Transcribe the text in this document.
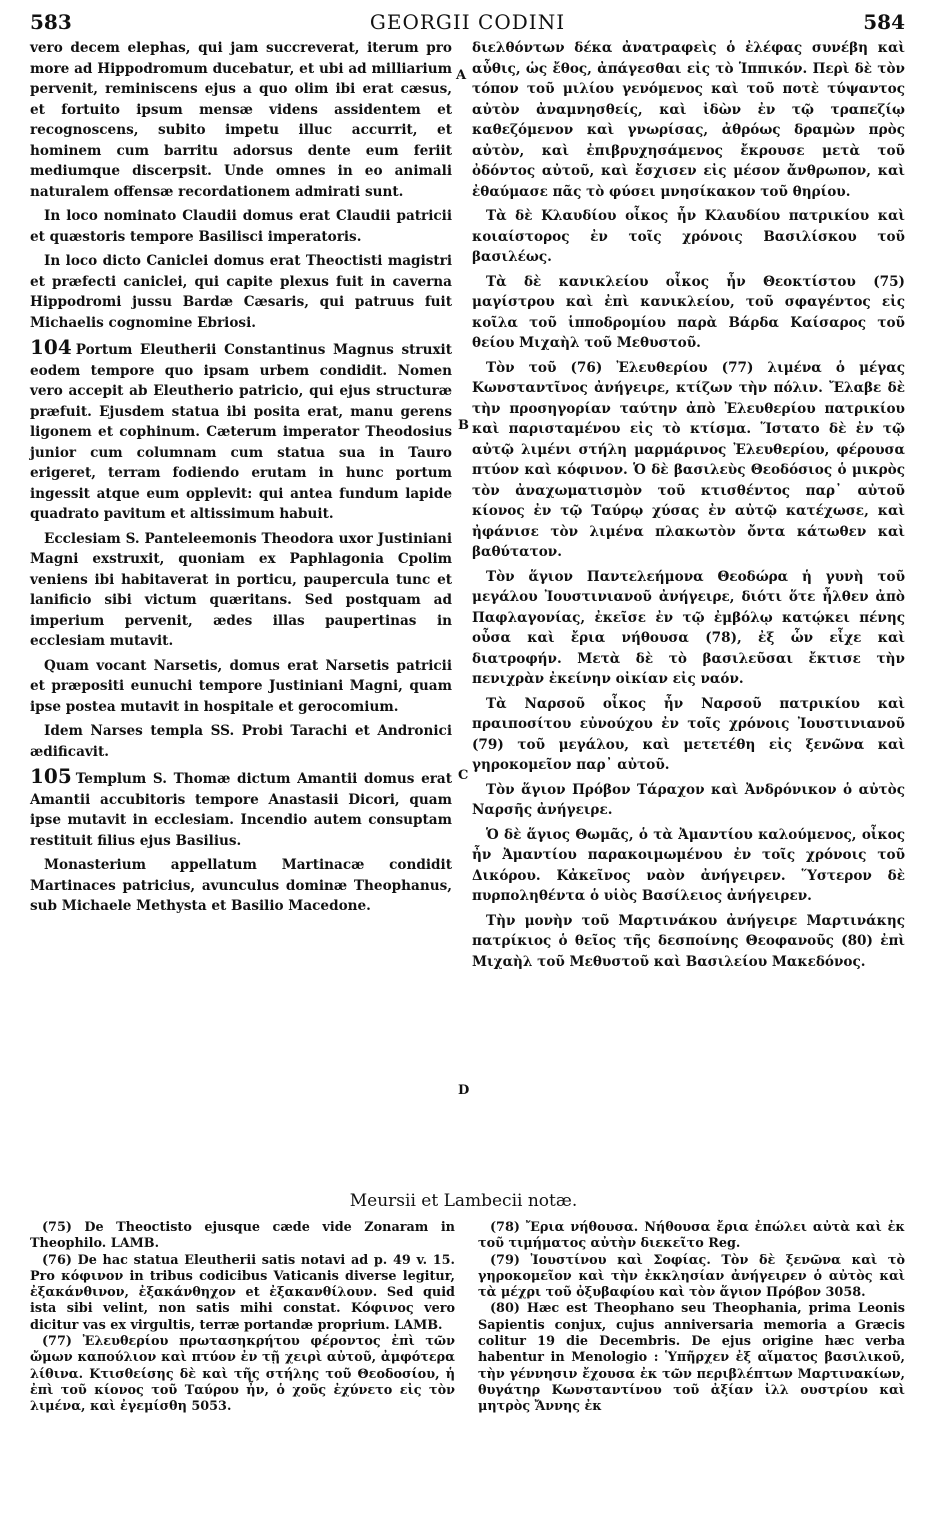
583	GEORGII CODINI	584

vero decem elephas, qui jam succreverat, iterum pro more ad Hippodromum ducebatur, et ubi ad milliarium pervenit, reminiscens ejus a quo olim ibi erat cæsus, et fortuito ipsum mensæ videns assidentem et recognoscens, subito impetu illuc accurrit, et hominem cum barritu adorsus dente eum feriit mediumque discerpsit. Unde omnes in eo animali naturalem offensæ recordationem admirati sunt.

In loco nominato Claudii domus erat Claudii patricii et quæstoris tempore Basilisci imperatoris.

In loco dicto Caniclei domus erat Theoctisti magistri et præfecti caniclei, qui capite plexus fuit in caverna Hippodromi jussu Bardæ Cæsaris, qui patruus fuit Michaelis cognomine Ebriosi.

104 Portum Eleutherii Constantinus Magnus struxit eodem tempore quo ipsam urbem condidit. Nomen vero accepit ab Eleutherio patricio, qui ejus structuræ præfuit. Ejusdem statua ibi posita erat, manu gerens ligonem et cophinum. Cæterum imperator Theodosius junior cum columnam cum statua sua in Tauro erigeret, terram fodiendo erutam in hunc portum ingessit atque eum opplevit: qui antea fundum lapide quadrato pavitum et altissimum habuit.

Ecclesiam S. Panteleemonis Theodora uxor Justiniani Magni exstruxit, quoniam ex Paphlagonia Cpolim veniens ibi habitaverat in porticu, paupercula tunc et lanificio sibi victum quæritans. Sed postquam ad imperium pervenit, ædes illas paupertinas in ecclesiam mutavit.

Quam vocant Narsetis, domus erat Narsetis patricii et præpositi eunuchi tempore Justiniani Magni, quam ipse postea mutavit in hospitale et gerocomium.

Idem Narses templa SS. Probi Tarachi et Andronici ædificavit.

105 Templum S. Thomæ dictum Amantii domus erat Amantii accubitoris tempore Anastasii Dicori, quam ipse mutavit in ecclesiam. Incendio autem consuptam restituit filius ejus Basilius.

Monasterium appellatum Martinacæ condidit Martinaces patricius, avunculus dominæ Theophanus, sub Michaele Methysta et Basilio Macedone.

A
B
C
D

διελθόντων δέκα ἀνατραφεὶς ὁ ἐλέφας συνέβη καὶ αὖθις, ὡς ἔθος, ἀπάγεσθαι εἰς τὸ Ἱππικόν. Περὶ δὲ τὸν τόπον τοῦ μιλίου γενόμενος καὶ τοῦ ποτὲ τύψαντος αὐτὸν ἀναμνησθείς, καὶ ἰδὼν ἐν τῷ τραπεζίῳ καθεζόμενον καὶ γνωρίσας, ἀθρόως δραμὼν πρὸς αὐτὸν, καὶ ἐπιβρυχησάμενος ἔκρουσε μετὰ τοῦ ὀδόντος αὐτοῦ, καὶ ἔσχισεν εἰς μέσον ἄνθρωπον, καὶ ἐθαύμασε πᾶς τὸ φύσει μνησίκακον τοῦ θηρίου.

Τὰ δὲ Κλαυδίου οἶκος ἦν Κλαυδίου πατρικίου καὶ κοιαίστορος ἐν τοῖς χρόνοις Βασιλίσκου τοῦ βασιλέως.

Τὰ δὲ κανικλείου οἶκος ἦν Θεοκτίστου (75) μαγίστρου καὶ ἐπὶ κανικλείου, τοῦ σφαγέντος εἰς κοῖλα τοῦ ἱπποδρομίου παρὰ Βάρδα Καίσαρος τοῦ θείου Μιχαὴλ τοῦ Μεθυστοῦ.

Τὸν τοῦ (76) Ἐλευθερίου (77) λιμένα ὁ μέγας Κωνσταντῖνος ἀνήγειρε, κτίζων τὴν πόλιν. Ἔλαβε δὲ τὴν προσηγορίαν ταύτην ἀπὸ Ἐλευθερίου πατρικίου καὶ παρισταμένου εἰς τὸ κτίσμα. Ἵστατο δὲ ἐν τῷ αὐτῷ λιμένι στήλη μαρμάρινος Ἐλευθερίου, φέρουσα πτύον καὶ κόφινον. Ὁ δὲ βασιλεὺς Θεοδόσιος ὁ μικρὸς τὸν ἀναχωματισμὸν τοῦ κτισθέντος παρ᾽ αὐτοῦ κίονος ἐν τῷ Ταύρῳ χύσας ἐν αὐτῷ κατέχωσε, καὶ ἠφάνισε τὸν λιμένα πλακωτὸν ὄντα κάτωθεν καὶ βαθύτατον.

Τὸν ἅγιον Παντελεήμονα Θεοδώρα ἡ γυνὴ τοῦ μεγάλου Ἰουστινιανοῦ ἀνήγειρε, διότι ὅτε ἦλθεν ἀπὸ Παφλαγονίας, ἐκεῖσε ἐν τῷ ἐμβόλῳ κατῴκει πένης οὖσα καὶ ἔρια νήθουσα (78), ἐξ ὧν εἶχε καὶ διατροφήν. Μετὰ δὲ τὸ βασιλεῦσαι ἔκτισε τὴν πενιχρὰν ἐκείνην οἰκίαν εἰς ναόν.

Τὰ Ναρσοῦ οἶκος ἦν Ναρσοῦ πατρικίου καὶ πραιποσίτου εὐνούχου ἐν τοῖς χρόνοις Ἰουστινιανοῦ (79) τοῦ μεγάλου, καὶ μετετέθη εἰς ξενῶνα καὶ γηροκομεῖον παρ᾽ αὐτοῦ.

Τὸν ἅγιον Πρόβον Τάραχον καὶ Ἀνδρόνικον ὁ αὐτὸς Ναρσῆς ἀνήγειρε.

Ὁ δὲ ἅγιος Θωμᾶς, ὁ τὰ Ἀμαντίου καλούμενος, οἶκος ἦν Ἀμαντίου παρακοιμωμένου ἐν τοῖς χρόνοις τοῦ Δικόρου. Κἀκεῖνος ναὸν ἀνήγειρεν. Ὕστερον δὲ πυρποληθέντα ὁ υἱὸς Βασίλειος ἀνήγειρεν.

Τὴν μονὴν τοῦ Μαρτινάκου ἀνήγειρε Μαρτινάκης πατρίκιος ὁ θεῖος τῆς δεσποίνης Θεοφανοῦς (80) ἐπὶ Μιχαὴλ τοῦ Μεθυστοῦ καὶ Βασιλείου Μακεδόνος.

Meursii et Lambecii notæ.

(75) De Theoctisto ejusque cæde vide Zonaram in Theophilo. LAMB.

(76) De hac statua Eleutherii satis notavi ad p. 49 v. 15. Pro κόφινον in tribus codicibus Vaticanis diverse legitur, ἐξακάνθινον, ἐξακάνθηχον et ἐξακανθίλουν. Sed quid ista sibi velint, non satis mihi constat. Κόφινος vero dicitur vas ex virgultis, terræ portandæ proprium. LAMB.

(77) Ἐλευθερίου πρωτασηκρήτου φέροντος ἐπὶ τῶν ὤμων καπούλιον καὶ πτύον ἐν τῇ χειρὶ αὐτοῦ, ἀμφότερα λίθινα. Κτισθείσης δὲ καὶ τῆς στήλης τοῦ Θεοδοσίου, ἡ ἐπὶ τοῦ κίονος τοῦ Ταύρου ἦν, ὁ χοῦς ἐχύνετο εἰς τὸν λιμένα, καὶ ἐγεμίσθη 5053.

(78) Ἔρια νήθουσα. Νήθουσα ἔρια ἐπώλει αὐτὰ καὶ ἐκ τοῦ τιμήματος αὐτὴν διεκεῖτο Reg.

(79) Ἰουστίνου καὶ Σοφίας. Τὸν δὲ ξενῶνα καὶ τὸ γηροκομεῖον καὶ τὴν ἐκκλησίαν ἀνήγειρεν ὁ αὐτὸς καὶ τὰ μέχρι τοῦ ὀξυβαφίου καὶ τὸν ἅγιον Πρόβον 3058.

(80) Hæc est Theophano seu Theophania, prima Leonis Sapientis conjux, cujus anniversaria memoria a Græcis colitur 19 die Decembris. De ejus origine hæc verba habentur in Menologio : Ὑπῆρχεν ἐξ αἵματος βασιλικοῦ, τὴν γέννησιν ἔχουσα ἐκ τῶν περιβλέπτων Μαρτινακίων, θυγάτηρ Κωνσταντίνου τοῦ ἀξίαν ἰλλ ουστρίου καὶ μητρὸς Ἄννης ἐκ
